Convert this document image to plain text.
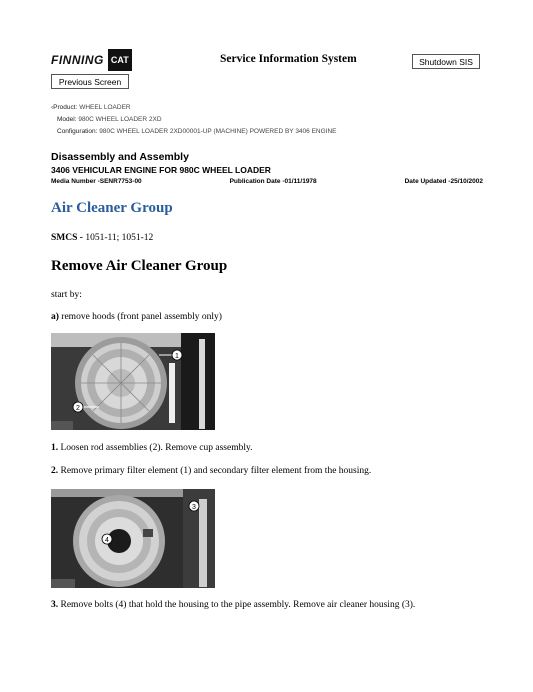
FINNING CAT	Service Information System	Shutdown SIS
Previous Screen
‹Product: WHEEL LOADER
Model: 980C WHEEL LOADER 2XD
Configuration: 980C WHEEL LOADER 2XD00001-UP (MACHINE) POWERED BY 3406 ENGINE
Disassembly and Assembly
3406 VEHICULAR ENGINE FOR 980C WHEEL LOADER
Media Number -SENR7753-00	Publication Date -01/11/1978	Date Updated -25/10/2002
Air Cleaner Group
SMCS - 1051-11; 1051-12
Remove Air Cleaner Group
start by:
a) remove hoods (front panel assembly only)
1
2
1. Loosen rod assemblies (2). Remove cup assembly.
2. Remove primary filter element (1) and secondary filter element from the housing.
3
4
3. Remove bolts (4) that hold the housing to the pipe assembly. Remove air cleaner housing (3).
